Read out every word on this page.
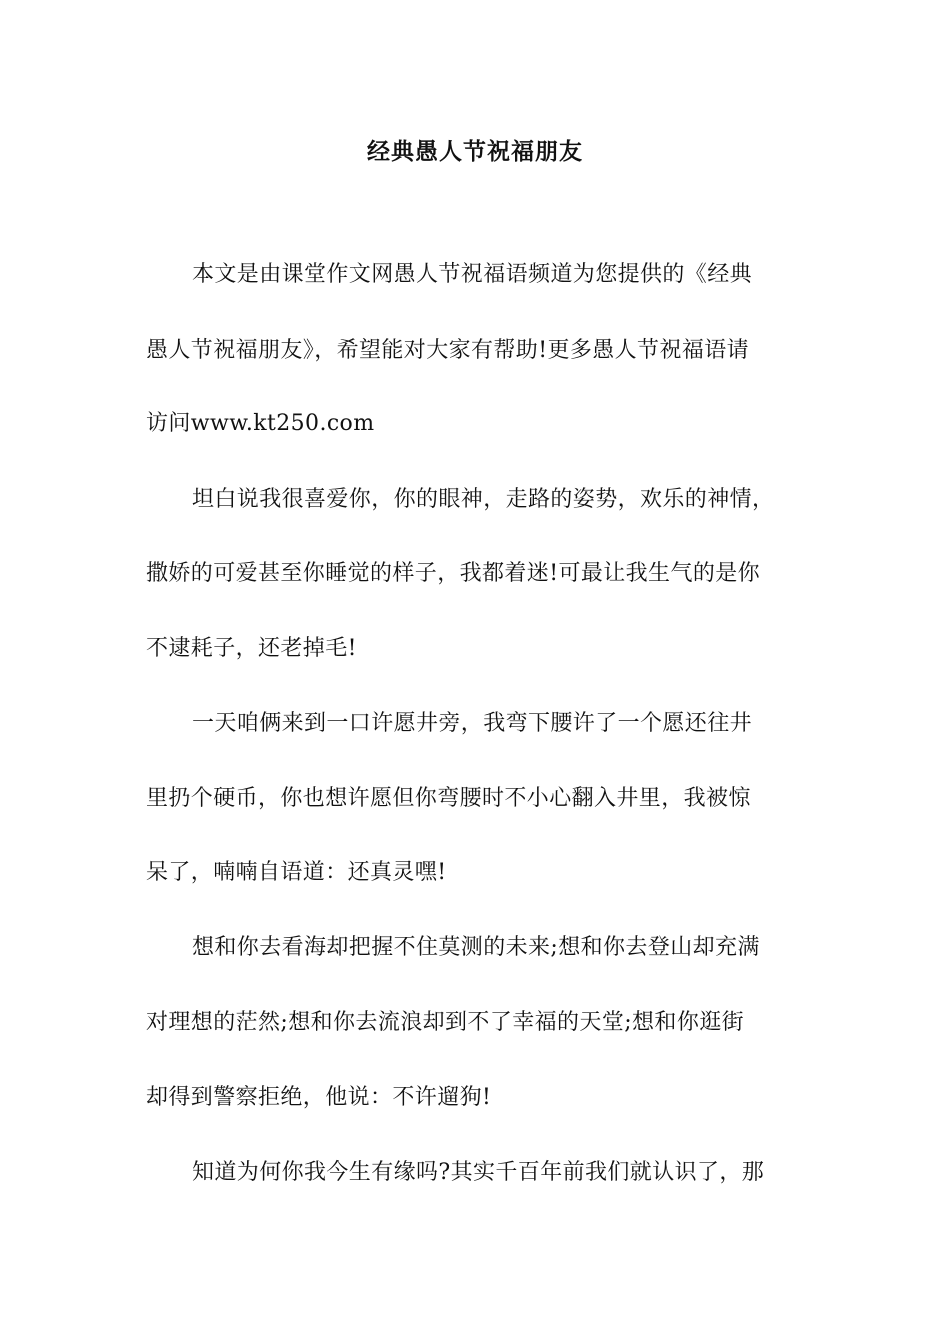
经典愚人节祝福朋友
本文是由课堂作文网愚人节祝福语频道为您提供的《经典
愚人节祝福朋友》，希望能对大家有帮助!更多愚人节祝福语请
访问www.kt250.com
坦白说我很喜爱你，你的眼神，走路的姿势，欢乐的神情，
撒娇的可爱甚至你睡觉的样子，我都着迷!可最让我生气的是你
不逮耗子，还老掉毛!
一天咱俩来到一口许愿井旁，我弯下腰许了一个愿还往井
里扔个硬币，你也想许愿但你弯腰时不小心翻入井里，我被惊
呆了，喃喃自语道：还真灵嘿!
想和你去看海却把握不住莫测的未来;想和你去登山却充满
对理想的茫然;想和你去流浪却到不了幸福的天堂;想和你逛街
却得到警察拒绝，他说：不许遛狗!
知道为何你我今生有缘吗?其实千百年前我们就认识了，那
